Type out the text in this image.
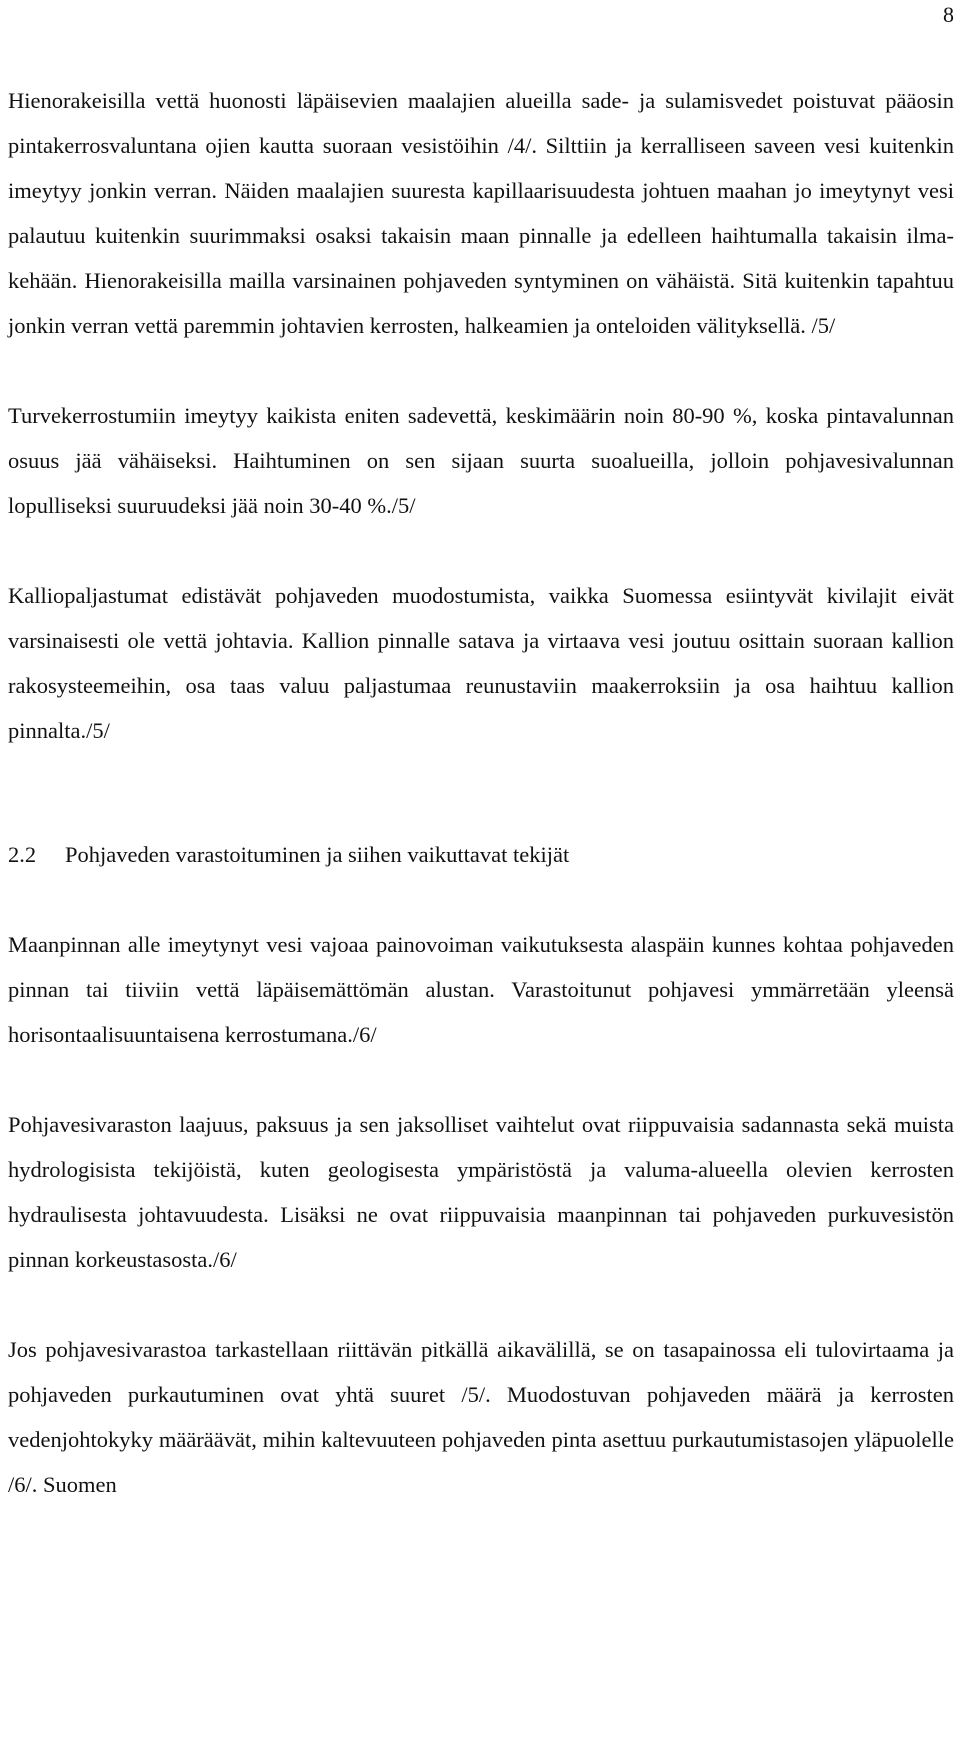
8

Hienorakeisilla vettä huonosti läpäisevien maalajien alueilla sade- ja sulamisvedet poistuvat pääosin pintakerrosvaluntana ojien kautta suoraan vesistöihin /4/. Silttiin ja kerralliseen saveen vesi kuitenkin imeytyy jonkin verran. Näiden maalajien suuresta kapillaarisuudesta johtuen maahan jo imeytynyt vesi palautuu kuitenkin suurimmaksi osaksi takaisin maan pinnalle ja edelleen haihtumalla takaisin ilmakehään. Hienorakeisilla mailla varsinainen pohjaveden syntyminen on vähäistä. Sitä kuitenkin tapahtuu jonkin verran vettä paremmin johtavien kerrosten, halkeamien ja onteloiden välityksellä. /5/

Turvekerrostumiin imeytyy kaikista eniten sadevettä, keskimäärin noin 80-90 %, koska pintavalunnan osuus jää vähäiseksi. Haihtuminen on sen sijaan suurta suoalueilla, jolloin pohjavesivalunnan lopulliseksi suuruudeksi jää noin 30-40 %./5/

Kalliopaljastumat edistävät pohjaveden muodostumista, vaikka Suomessa esiintyvät kivilajit eivät varsinaisesti ole vettä johtavia. Kallion pinnalle satava ja virtaava vesi joutuu osittain suoraan kallion rakosysteemeihin, osa taas valuu paljastumaa reunustaviin maakerroksiin ja osa haihtuu kallion pinnalta./5/

2.2	Pohjaveden varastoituminen ja siihen vaikuttavat tekijät

Maanpinnan alle imeytynyt vesi vajoaa painovoiman vaikutuksesta alaspäin kunnes kohtaa pohjaveden pinnan tai tiiviin vettä läpäisemättömän alustan. Varastoitunut pohjavesi ymmärretään yleensä horisontaalisuuntaisena kerrostumana./6/

Pohjavesivaraston laajuus, paksuus ja sen jaksolliset vaihtelut ovat riippuvaisia sadannasta sekä muista hydrologisista tekijöistä, kuten geologisesta ympäristöstä ja valuma-alueella olevien kerrosten hydraulisesta johtavuudesta. Lisäksi ne ovat riippuvaisia maanpinnan tai pohjaveden purkuvesistön pinnan korkeustasosta./6/

Jos pohjavesivarastoa tarkastellaan riittävän pitkällä aikavälillä, se on tasapainossa eli tulovirtaama ja pohjaveden purkautuminen ovat yhtä suuret /5/. Muodostuvan pohjaveden määrä ja kerrosten vedenjohtokyky määräävät, mihin kaltevuuteen pohjaveden pinta asettuu purkautumistasojen yläpuolelle /6/. Suomen
